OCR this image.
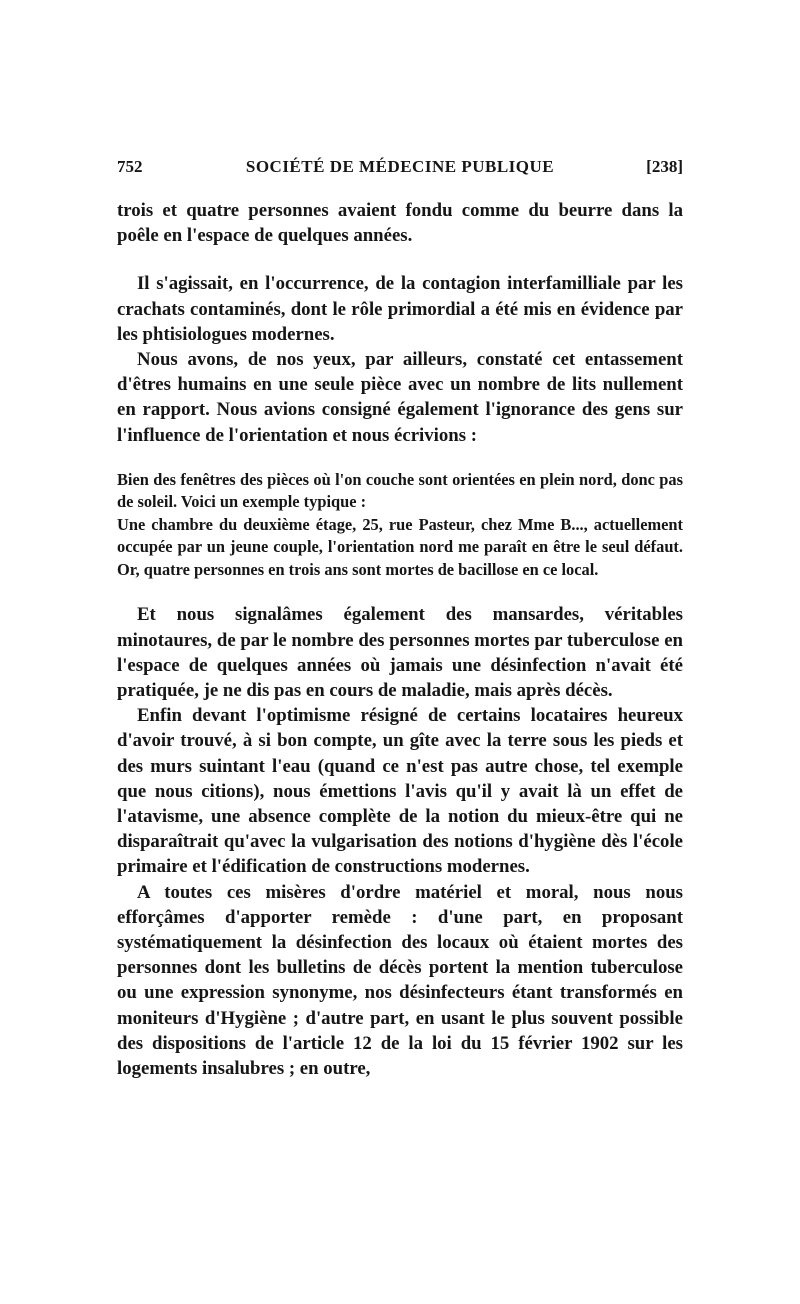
752	SOCIÉTÉ DE MÉDECINE PUBLIQUE	[238]

trois et quatre personnes avaient fondu comme du beurre dans la poêle en l'espace de quelques années.

Il s'agissait, en l'occurrence, de la contagion interfamilliale par les crachats contaminés, dont le rôle primordial a été mis en évidence par les phtisiologues modernes.

Nous avons, de nos yeux, par ailleurs, constaté cet entassement d'êtres humains en une seule pièce avec un nombre de lits nullement en rapport. Nous avions consigné également l'ignorance des gens sur l'influence de l'orientation et nous écrivions :

Bien des fenêtres des pièces où l'on couche sont orientées en plein nord, donc pas de soleil. Voici un exemple typique :

Une chambre du deuxième étage, 25, rue Pasteur, chez Mme B..., actuellement occupée par un jeune couple, l'orientation nord me paraît en être le seul défaut. Or, quatre personnes en trois ans sont mortes de bacillose en ce local.

Et nous signalâmes également des mansardes, véritables minotaures, de par le nombre des personnes mortes par tuberculose en l'espace de quelques années où jamais une désinfection n'avait été pratiquée, je ne dis pas en cours de maladie, mais après décès.

Enfin devant l'optimisme résigné de certains locataires heureux d'avoir trouvé, à si bon compte, un gîte avec la terre sous les pieds et des murs suintant l'eau (quand ce n'est pas autre chose, tel exemple que nous citions), nous émettions l'avis qu'il y avait là un effet de l'atavisme, une absence complète de la notion du mieux-être qui ne disparaîtrait qu'avec la vulgarisation des notions d'hygiène dès l'école primaire et l'édification de constructions modernes.

A toutes ces misères d'ordre matériel et moral, nous nous efforçâmes d'apporter remède : d'une part, en proposant systématiquement la désinfection des locaux où étaient mortes des personnes dont les bulletins de décès portent la mention tuberculose ou une expression synonyme, nos désinfecteurs étant transformés en moniteurs d'Hygiène ; d'autre part, en usant le plus souvent possible des dispositions de l'article 12 de la loi du 15 février 1902 sur les logements insalubres ; en outre,
